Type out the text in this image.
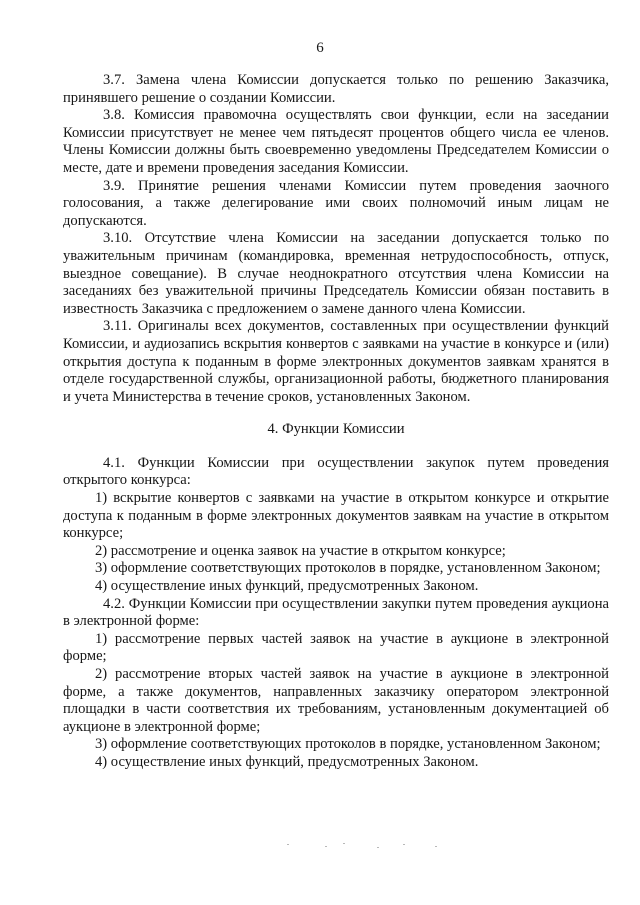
6

3.7. Замена члена Комиссии допускается только по решению Заказчика, принявшего решение о создании Комиссии.

3.8. Комиссия правомочна осуществлять свои функции, если на заседании Комиссии присутствует не менее чем пятьдесят процентов общего числа ее членов. Члены Комиссии должны быть своевременно уведомлены Председателем Комиссии о месте, дате и времени проведения заседания Комиссии.

3.9. Принятие решения членами Комиссии путем проведения заочного голосования, а также делегирование ими своих полномочий иным лицам не допускаются.

3.10. Отсутствие члена Комиссии на заседании допускается только по уважительным причинам (командировка, временная нетрудоспособность, отпуск, выездное совещание). В случае неоднократного отсутствия члена Комиссии на заседаниях без уважительной причины Председатель Комиссии обязан поставить в известность Заказчика с предложением о замене данного члена Комиссии.

3.11. Оригиналы всех документов, составленных при осуществлении функций Комиссии, и аудиозапись вскрытия конвертов с заявками на участие в конкурсе и (или) открытия доступа к поданным в форме электронных документов заявкам хранятся в отделе государственной службы, организационной работы, бюджетного планирования и учета Министерства в течение сроков, установленных Законом.

4. Функции Комиссии

4.1. Функции Комиссии при осуществлении закупок путем проведения открытого конкурса:

1) вскрытие конвертов с заявками на участие в открытом конкурсе и открытие доступа к поданным в форме электронных документов заявкам на участие в открытом конкурсе;

2) рассмотрение и оценка заявок на участие в открытом конкурсе;

3) оформление соответствующих протоколов в порядке, установленном Законом;

4) осуществление иных функций, предусмотренных Законом.

4.2. Функции Комиссии при осуществлении закупки путем проведения аукциона в электронной форме:

1) рассмотрение первых частей заявок на участие в аукционе в электронной форме;

2) рассмотрение вторых частей заявок на участие в аукционе в электронной форме, а также документов, направленных заказчику оператором электронной площадки в части соответствия их требованиям, установленным документацией об аукционе в электронной форме;

3) оформление соответствующих протоколов в порядке, установленном Законом;

4) осуществление иных функций, предусмотренных Законом.
